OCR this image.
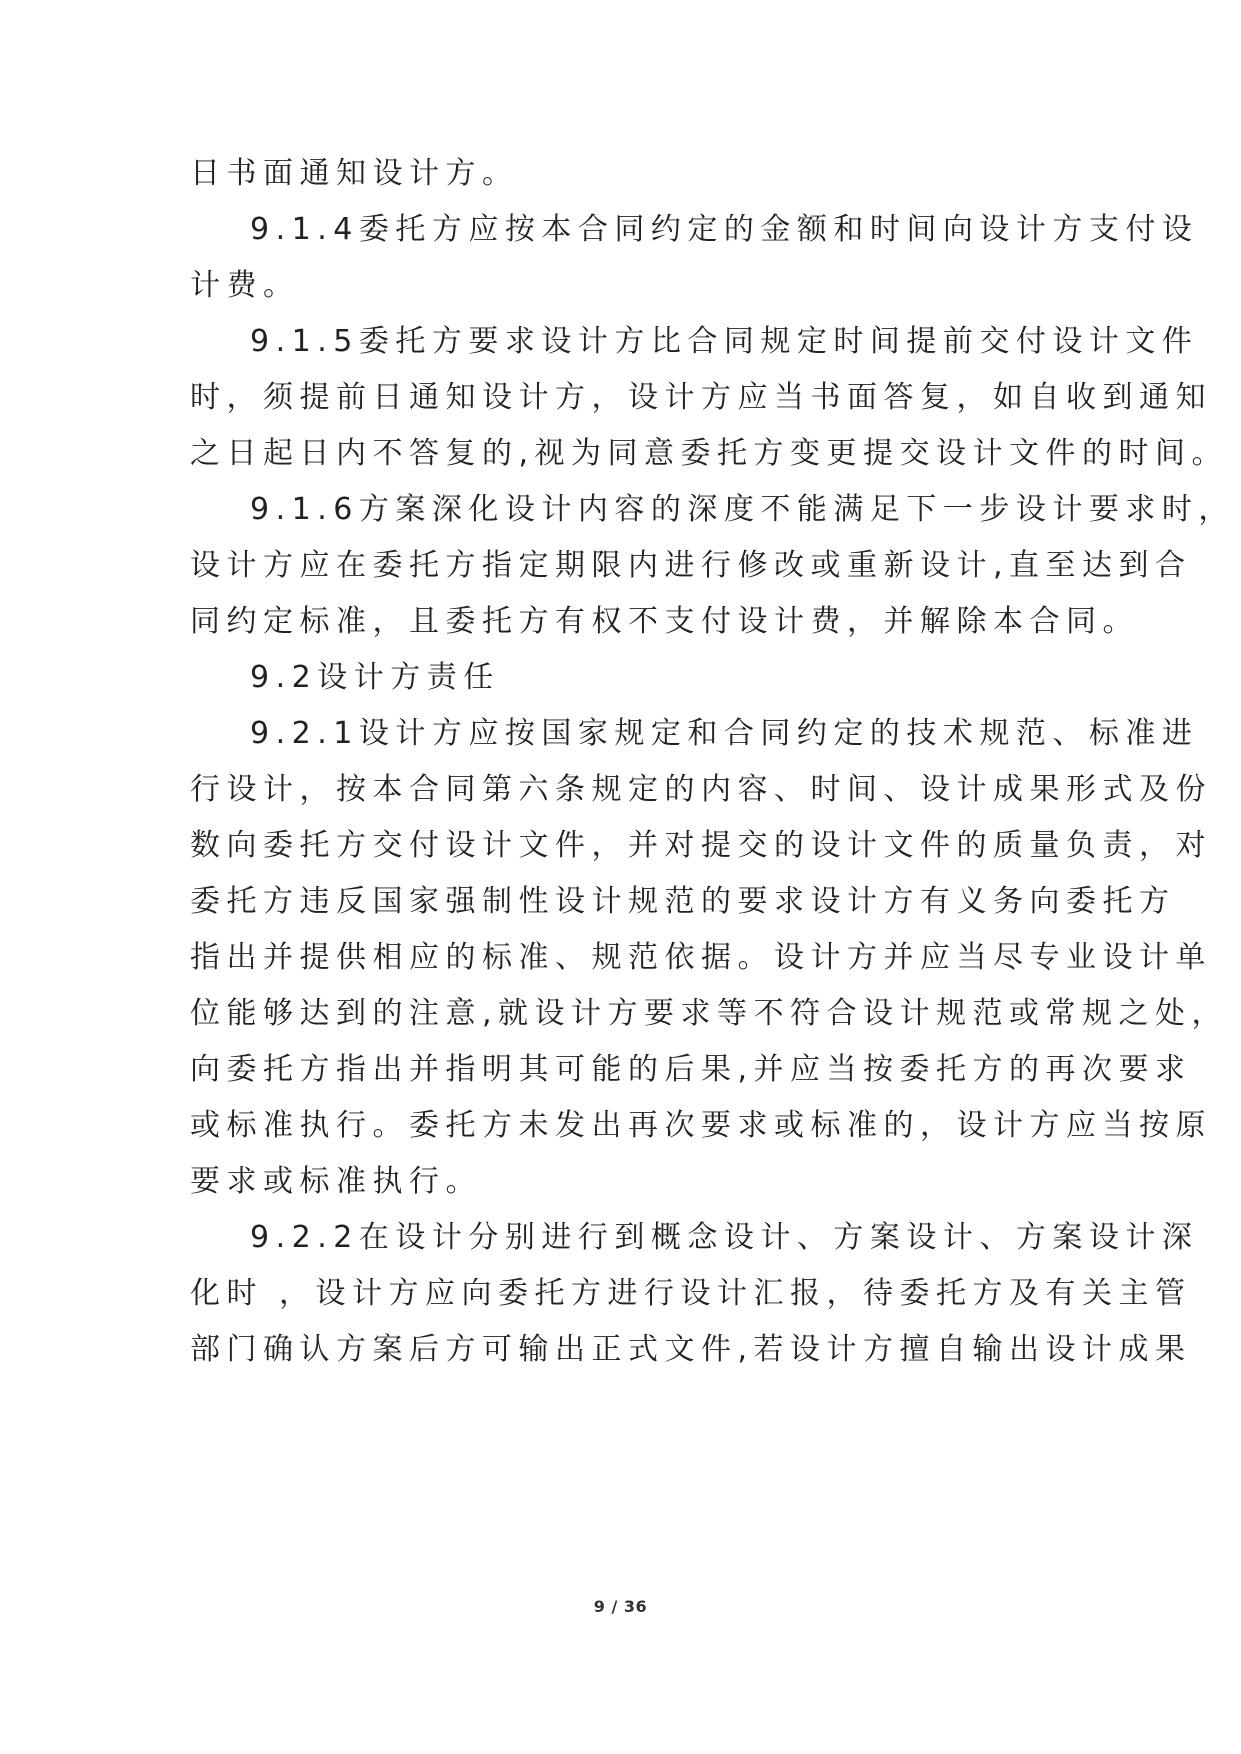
日书面通知设计方。
9.1.4委托方应按本合同约定的金额和时间向设计方支付设
计费。
9.1.5委托方要求设计方比合同规定时间提前交付设计文件
时，须提前日通知设计方，设计方应当书面答复，如自收到通知
之日起日内不答复的,视为同意委托方变更提交设计文件的时间。
9.1.6方案深化设计内容的深度不能满足下一步设计要求时，
设计方应在委托方指定期限内进行修改或重新设计,直至达到合
同约定标准，且委托方有权不支付设计费，并解除本合同。
9.2设计方责任
9.2.1设计方应按国家规定和合同约定的技术规范、标准进
行设计，按本合同第六条规定的内容、时间、设计成果形式及份
数向委托方交付设计文件，并对提交的设计文件的质量负责，对
委托方违反国家强制性设计规范的要求设计方有义务向委托方
指出并提供相应的标准、规范依据。设计方并应当尽专业设计单
位能够达到的注意,就设计方要求等不符合设计规范或常规之处，
向委托方指出并指明其可能的后果,并应当按委托方的再次要求
或标准执行。委托方未发出再次要求或标准的，设计方应当按原
要求或标准执行。
9.2.2在设计分别进行到概念设计、方案设计、方案设计深
化时 ，设计方应向委托方进行设计汇报，待委托方及有关主管
部门确认方案后方可输出正式文件,若设计方擅自输出设计成果
9 / 36
